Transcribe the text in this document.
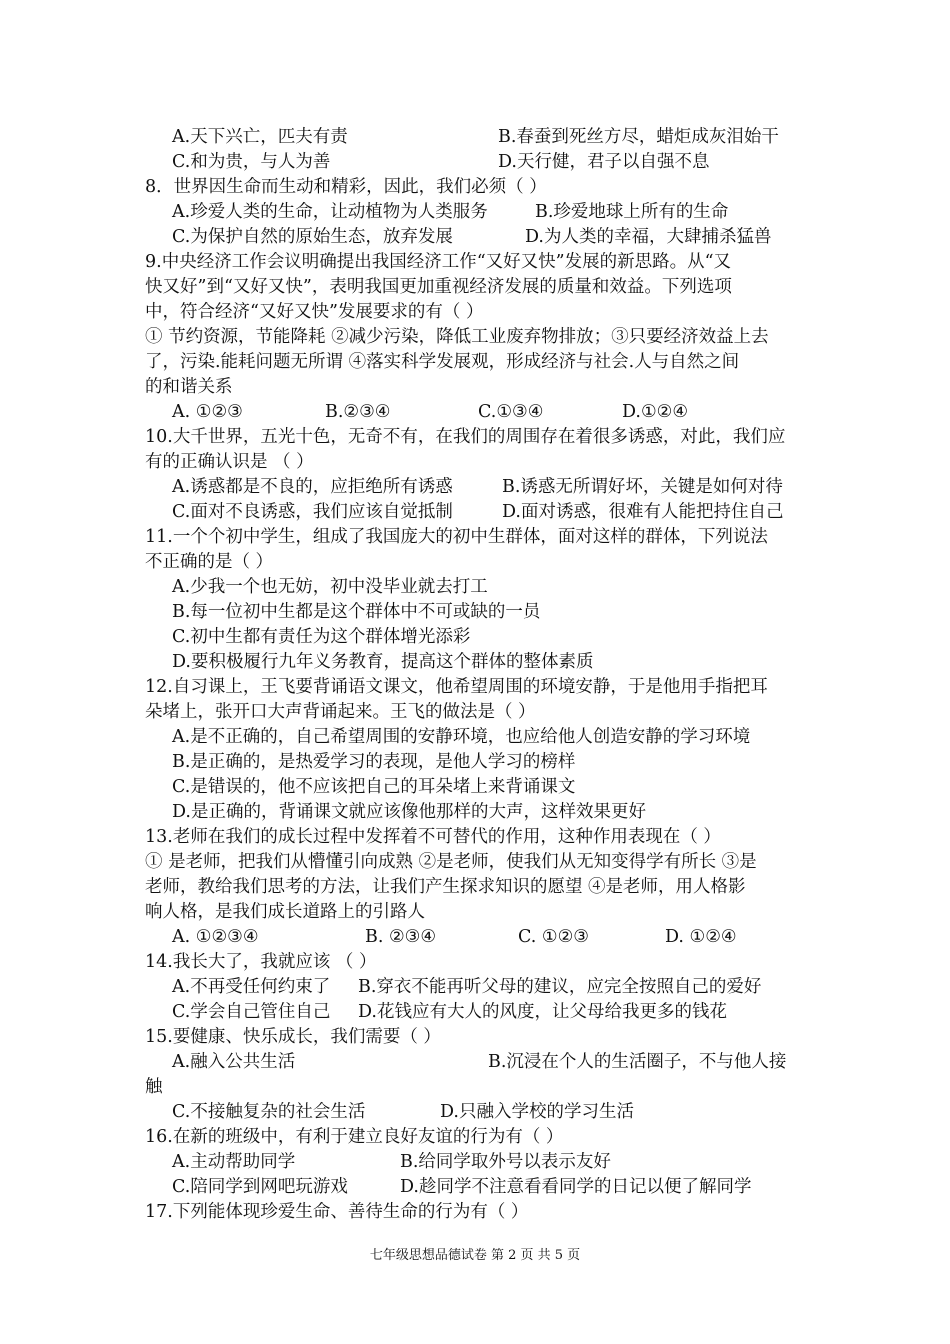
A.天下兴亡，匹夫有责	B.春蚕到死丝方尽，蜡炬成灰泪始干
C.和为贵，与人为善	D.天行健，君子以自强不息
8．世界因生命而生动和精彩，因此，我们必须（ ）
A.珍爱人类的生命，让动植物为人类服务	B.珍爱地球上所有的生命
C.为保护自然的原始生态，放弃发展	D.为人类的幸福，大肆捕杀猛兽
9.中央经济工作会议明确提出我国经济工作“又好又快”发展的新思路。从“又
快又好”到“又好又快”，表明我国更加重视经济发展的质量和效益。下列选项
中，符合经济“又好又快”发展要求的有（ ）
① 节约资源，节能降耗 ②减少污染，降低工业废弃物排放；③只要经济效益上去
了，污染.能耗问题无所谓 ④落实科学发展观，形成经济与社会.人与自然之间
的和谐关系
A. ①②③	B.②③④	C.①③④	D.①②④
10.大千世界，五光十色，无奇不有，在我们的周围存在着很多诱惑，对此，我们应
有的正确认识是 （ ）
A.诱惑都是不良的，应拒绝所有诱惑	B.诱惑无所谓好坏，关键是如何对待
C.面对不良诱惑，我们应该自觉抵制	D.面对诱惑，很难有人能把持住自己
11.一个个初中学生，组成了我国庞大的初中生群体，面对这样的群体，下列说法
不正确的是（ ）
A.少我一个也无妨，初中没毕业就去打工
B.每一位初中生都是这个群体中不可或缺的一员
C.初中生都有责任为这个群体增光添彩
D.要积极履行九年义务教育，提高这个群体的整体素质
12.自习课上，王飞要背诵语文课文，他希望周围的环境安静，于是他用手指把耳
朵堵上，张开口大声背诵起来。王飞的做法是（ ）
A.是不正确的，自己希望周围的安静环境，也应给他人创造安静的学习环境
B.是正确的，是热爱学习的表现，是他人学习的榜样
C.是错误的，他不应该把自己的耳朵堵上来背诵课文
D.是正确的，背诵课文就应该像他那样的大声，这样效果更好
13.老师在我们的成长过程中发挥着不可替代的作用，这种作用表现在（ ）
① 是老师，把我们从懵懂引向成熟 ②是老师，使我们从无知变得学有所长 ③是
老师，教给我们思考的方法，让我们产生探求知识的愿望 ④是老师，用人格影
响人格，是我们成长道路上的引路人
A. ①②③④	B. ②③④	C. ①②③	D. ①②④
14.我长大了，我就应该 （ ）
A.不再受任何约束了 B.穿衣不能再听父母的建议，应完全按照自己的爱好
C.学会自己管住自己 D.花钱应有大人的风度，让父母给我更多的钱花
15.要健康、快乐成长，我们需要（ ）
A.融入公共生活	B.沉浸在个人的生活圈子，不与他人接
触
C.不接触复杂的社会生活	D.只融入学校的学习生活
16.在新的班级中，有利于建立良好友谊的行为有（ ）
A.主动帮助同学	B.给同学取外号以表示友好
C.陪同学到网吧玩游戏	D.趁同学不注意看看同学的日记以便了解同学
17.下列能体现珍爱生命、善待生命的行为有（ ）
七年级思想品德试卷 第 2 页 共 5 页
